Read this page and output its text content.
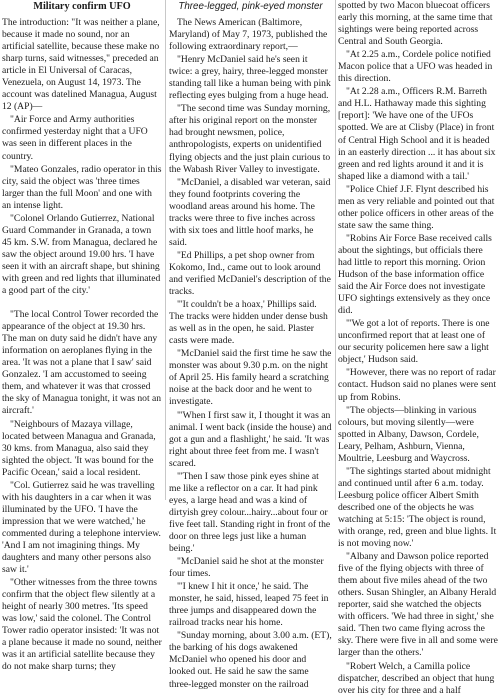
Military confirm UFO

The introduction: "It was neither a plane, because it made no sound, nor an artificial satellite, because these make no sharp turns, said witnesses," preceded an article in El Universal of Caracas, Venezuela, on August 14, 1973. The account was datelined Managua, August 12 (AP)—

"Air Force and Army authorities confirmed yesterday night that a UFO was seen in different places in the country.

"Mateo Gonzales, radio operator in this city, said the object was 'three times larger than the full Moon' and one with an intense light.

"Colonel Orlando Gutierrez, National Guard Commander in Granada, a town 45 km. S.W. from Managua, declared he saw the object around 19.00 hrs. 'I have seen it with an aircraft shape, but shining with green and red lights that illuminated a good part of the city.'

"The local Control Tower recorded the appearance of the object at 19.30 hrs. The man on duty said he didn't have any information on aeroplanes flying in the area. 'It was not a plane that I saw' said Gonzalez. 'I am accustomed to seeing them, and whatever it was that crossed the sky of Managua tonight, it was not an aircraft.'

"Neighbours of Mazaya village, located between Managua and Granada, 30 kms. from Managua, also said they sighted the object. 'It was bound for the Pacific Ocean,' said a local resident.

"Col. Gutierrez said he was travelling with his daughters in a car when it was illuminated by the UFO. 'I have the impression that we were watched,' he commented during a telephone interview. 'And I am not imagining things. My daughters and many other persons also saw it.'

"Other witnesses from the three towns confirm that the object flew silently at a height of nearly 300 metres. 'Its speed was low,' said the colonel. The Control Tower radio operator insisted: 'It was not a plane because it made no sound, neither was it an artificial satellite because they do not make sharp turns; they

Three-legged, pink-eyed monster

The News American (Baltimore, Maryland) of May 7, 1973, published the following extraordinary report,—

"Henry McDaniel said he's seen it twice: a grey, hairy, three-legged monster standing tall like a human being with pink reflecting eyes bulging from a huge head.

"The second time was Sunday morning, after his original report on the monster had brought newsmen, police, anthropologists, experts on unidentified flying objects and the just plain curious to the Wabash River Valley to investigate.

"McDaniel, a disabled war veteran, said they found footprints covering the woodland areas around his home. The tracks were three to five inches across with six toes and little hoof marks, he said.

"Ed Phillips, a pet shop owner from Kokomo, Ind., came out to look around and verified McDaniel's description of the tracks.

"'It couldn't be a hoax,' Phillips said. The tracks were hidden under dense bush as well as in the open, he said. Plaster casts were made.

"McDaniel said the first time he saw the monster was about 9.30 p.m. on the night of April 25. His family heard a scratching noise at the back door and he went to investigate.

"'When I first saw it, I thought it was an animal. I went back (inside the house) and got a gun and a flashlight,' he said. 'It was right about three feet from me. I wasn't scared.

"'Then I saw those pink eyes shine at me like a reflector on a car. It had pink eyes, a large head and was a kind of dirtyish grey colour...hairy...about four or five feet tall. Standing right in front of the door on three legs just like a human being.'

"McDaniel said he shot at the monster four times.

"'I knew I hit it once,' he said. The monster, he said, hissed, leaped 75 feet in three jumps and disappeared down the railroad tracks near his home.

"Sunday morning, about 3.00 a.m. (ET), the barking of his dogs awakened McDaniel who opened his door and looked out. He said he saw the same three-legged monster on the railroad

spotted by two Macon bluecoat officers early this morning, at the same time that sightings were being reported across Central and South Georgia.

"At 2.25 a.m., Cordele police notified Macon police that a UFO was headed in this direction.

"At 2.28 a.m., Officers R.M. Barreth and H.L. Hathaway made this sighting [report]: 'We have one of the UFOs spotted. We are at Clisby (Place) in front of Central High School and it is headed in an easterly direction ... it has about six green and red lights around it and it is shaped like a diamond with a tail.'

"Police Chief J.F. Flynt described his men as very reliable and pointed out that other police officers in other areas of the state saw the same thing.

"Robins Air Force Base received calls about the sightings, but officials there had little to report this morning. Orion Hudson of the base information office said the Air Force does not investigate UFO sightings extensively as they once did.

"'We got a lot of reports. There is one unconfirmed report that at least one of our security policemen here saw a light object,' Hudson said.

"However, there was no report of radar contact. Hudson said no planes were sent up from Robins.

"The objects—blinking in various colours, but moving silently—were spotted in Albany, Dawson, Cordele, Leary, Pelham, Ashburn, Vienna, Moultrie, Leesburg and Waycross.

"The sightings started about midnight and continued until after 6 a.m. today. Leesburg police officer Albert Smith described one of the objects he was watching at 5:15: 'The object is round, with orange, red, green and blue lights. It is not moving now.'

"Albany and Dawson police reported five of the flying objects with three of them about five miles ahead of the two others. Susan Shingler, an Albany Herald reporter, said she watched the objects with officers. 'We had three in sight,' she said. 'Then two came flying across the sky. There were five in all and some were larger than the others.'

"Robert Welch, a Camilla police dispatcher, described an object that hung over his city for three and a half
